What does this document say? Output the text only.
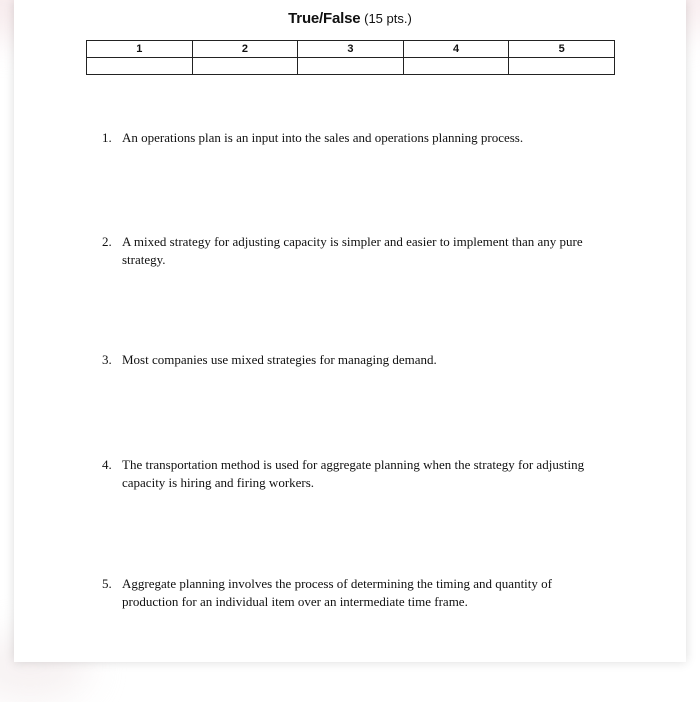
True/False (15 pts.)
1	2	3	4	5

1. An operations plan is an input into the sales and operations planning process.
2. A mixed strategy for adjusting capacity is simpler and easier to implement than any pure strategy.
3. Most companies use mixed strategies for managing demand.
4. The transportation method is used for aggregate planning when the strategy for adjusting capacity is hiring and firing workers.
5. Aggregate planning involves the process of determining the timing and quantity of production for an individual item over an intermediate time frame.
